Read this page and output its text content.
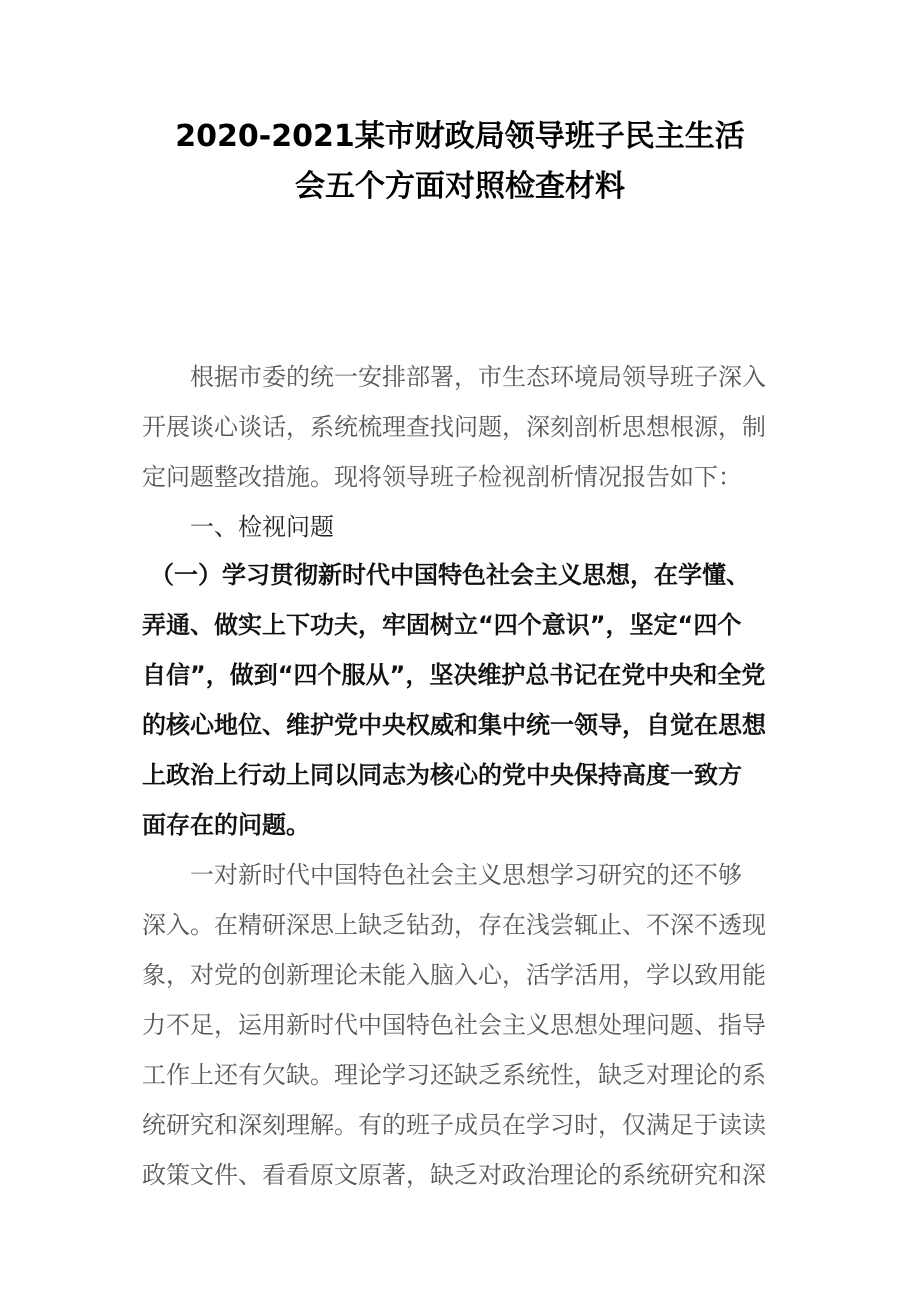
2020-2021某市财政局领导班子民主生活
会五个方面对照检查材料

根据市委的统一安排部署，市生态环境局领导班子深入

开展谈心谈话，系统梳理查找问题，深刻剖析思想根源，制

定问题整改措施。现将领导班子检视剖析情况报告如下：

一、检视问题

（一）学习贯彻新时代中国特色社会主义思想，在学懂、

弄通、做实上下功夫，牢固树立“四个意识”，坚定“四个

自信”，做到“四个服从”，坚决维护总书记在党中央和全党

的核心地位、维护党中央权威和集中统一领导，自觉在思想

上政治上行动上同以同志为核心的党中央保持高度一致方

面存在的问题。

一对新时代中国特色社会主义思想学习研究的还不够

深入。在精研深思上缺乏钻劲，存在浅尝辄止、不深不透现

象，对党的创新理论未能入脑入心，活学活用，学以致用能

力不足，运用新时代中国特色社会主义思想处理问题、指导

工作上还有欠缺。理论学习还缺乏系统性，缺乏对理论的系

统研究和深刻理解。有的班子成员在学习时，仅满足于读读

政策文件、看看原文原著，缺乏对政治理论的系统研究和深
